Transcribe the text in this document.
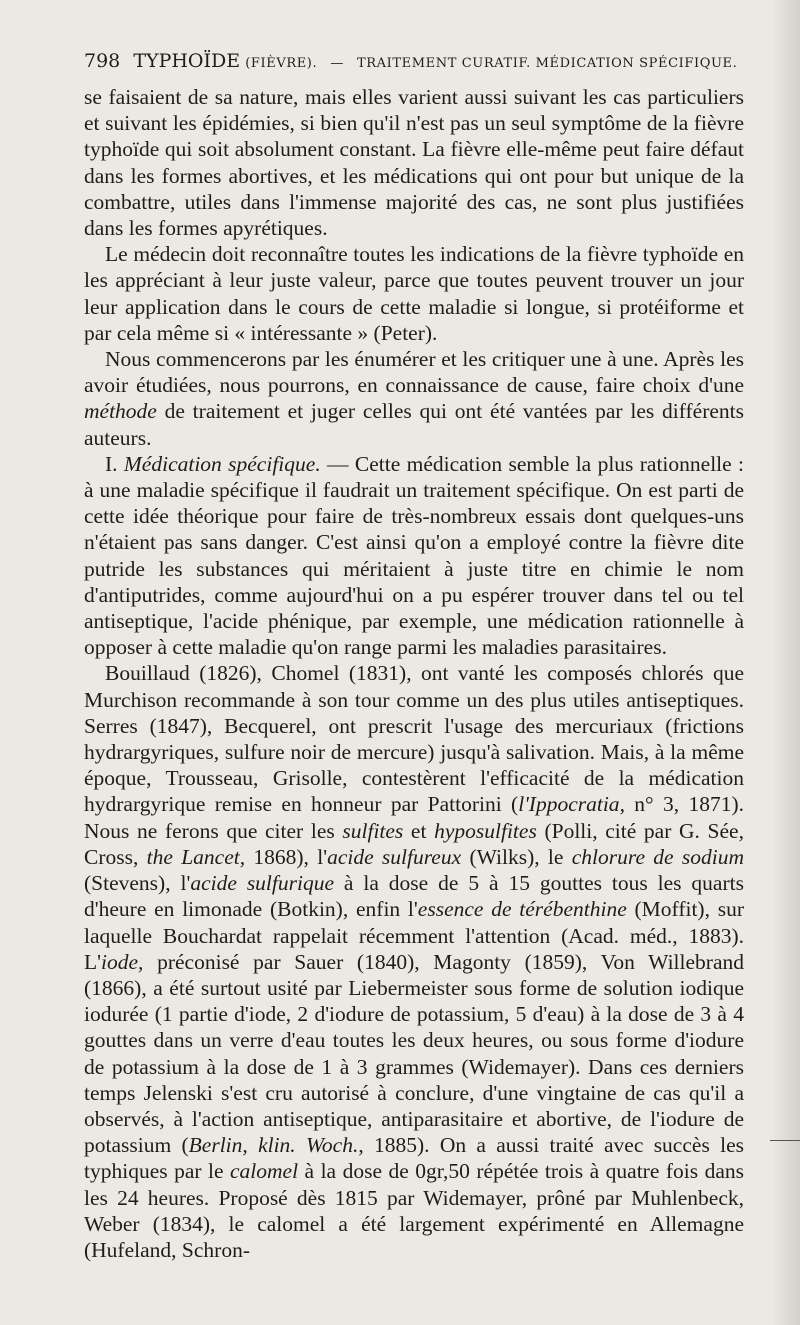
798 TYPHOÏDE (FIÈVRE). — TRAITEMENT CURATIF. MÉDICATION SPÉCIFIQUE.

se faisaient de sa nature, mais elles varient aussi suivant les cas particuliers et suivant les épidémies, si bien qu'il n'est pas un seul symptôme de la fièvre typhoïde qui soit absolument constant. La fièvre elle-même peut faire défaut dans les formes abortives, et les médications qui ont pour but unique de la combattre, utiles dans l'immense majorité des cas, ne sont plus justifiées dans les formes apyrétiques.

Le médecin doit reconnaître toutes les indications de la fièvre typhoïde en les appréciant à leur juste valeur, parce que toutes peuvent trouver un jour leur application dans le cours de cette maladie si longue, si protéiforme et par cela même si « intéressante » (Peter).

Nous commencerons par les énumérer et les critiquer une à une. Après les avoir étudiées, nous pourrons, en connaissance de cause, faire choix d'une méthode de traitement et juger celles qui ont été vantées par les différents auteurs.

I. Médication spécifique. — Cette médication semble la plus rationnelle : à une maladie spécifique il faudrait un traitement spécifique. On est parti de cette idée théorique pour faire de très-nombreux essais dont quelques-uns n'étaient pas sans danger. C'est ainsi qu'on a employé contre la fièvre dite putride les substances qui méritaient à juste titre en chimie le nom d'antiputrides, comme aujourd'hui on a pu espérer trouver dans tel ou tel antiseptique, l'acide phénique, par exemple, une médication rationnelle à opposer à cette maladie qu'on range parmi les maladies parasitaires.

Bouillaud (1826), Chomel (1831), ont vanté les composés chlorés que Murchison recommande à son tour comme un des plus utiles antiseptiques. Serres (1847), Becquerel, ont prescrit l'usage des mercuriaux (frictions hydrargyriques, sulfure noir de mercure) jusqu'à salivation. Mais, à la même époque, Trousseau, Grisolle, contestèrent l'efficacité de la médication hydrargyrique remise en honneur par Pattorini (l'Ippocratia, n° 3, 1871). Nous ne ferons que citer les sulfites et hyposulfites (Polli, cité par G. Sée, Cross, the Lancet, 1868), l'acide sulfureux (Wilks), le chlorure de sodium (Stevens), l'acide sulfurique à la dose de 5 à 15 gouttes tous les quarts d'heure en limonade (Botkin), enfin l'essence de térébenthine (Moffit), sur laquelle Bouchardat rappelait récemment l'attention (Acad. méd., 1883). L'iode, préconisé par Sauer (1840), Magonty (1859), Von Willebrand (1866), a été surtout usité par Liebermeister sous forme de solution iodique iodurée (1 partie d'iode, 2 d'iodure de potassium, 5 d'eau) à la dose de 3 à 4 gouttes dans un verre d'eau toutes les deux heures, ou sous forme d'iodure de potassium à la dose de 1 à 3 grammes (Widemayer). Dans ces derniers temps Jelenski s'est cru autorisé à conclure, d'une vingtaine de cas qu'il a observés, à l'action antiseptique, antiparasitaire et abortive, de l'iodure de potassium (Berlin, klin. Woch., 1885). On a aussi traité avec succès les typhiques par le calomel à la dose de 0gr,50 répétée trois à quatre fois dans les 24 heures. Proposé dès 1815 par Widemayer, prôné par Muhlenbeck, Weber (1834), le calomel a été largement expérimenté en Allemagne (Hufeland, Schron-
